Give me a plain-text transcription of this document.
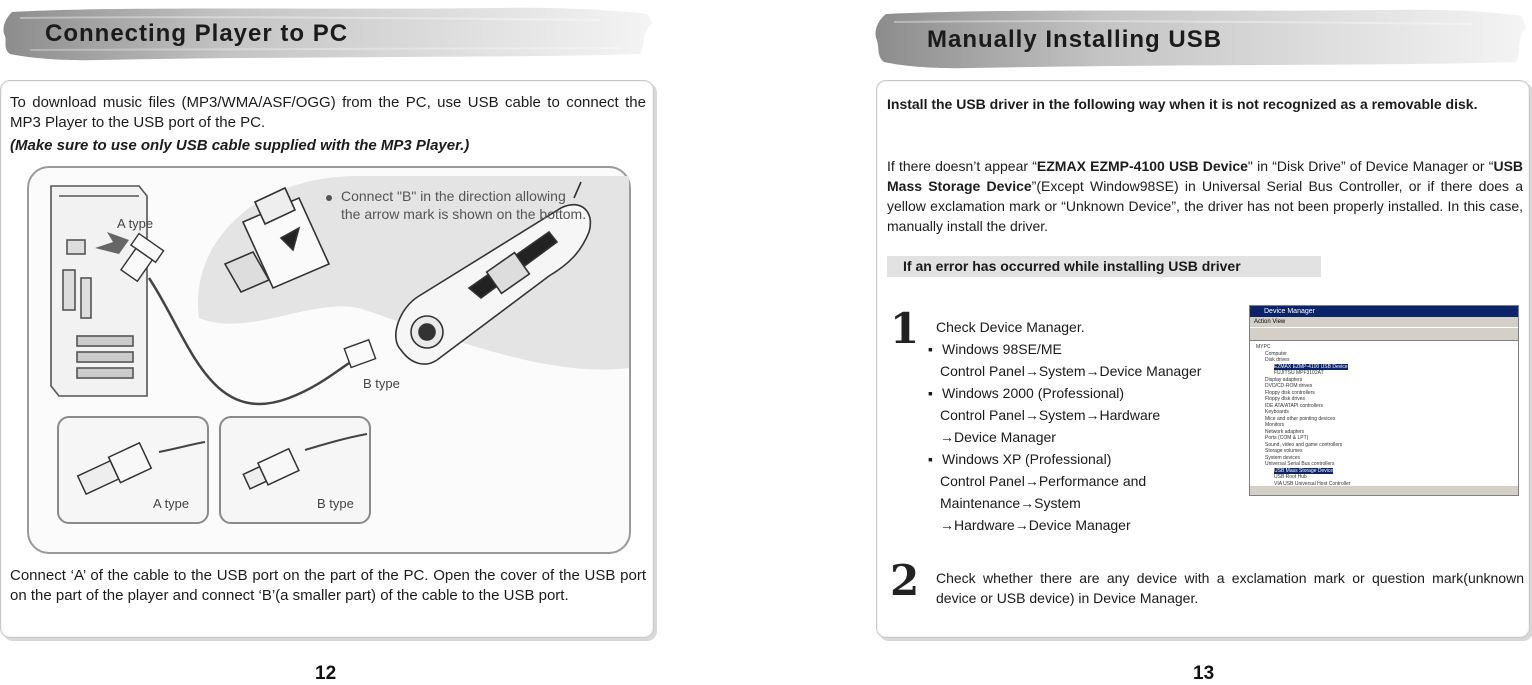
Connecting Player to PC
To download music files (MP3/WMA/ASF/OGG) from the PC, use USB cable to connect the MP3 Player to the USB port of the PC.
(Make sure to use only USB cable supplied with the MP3 Player.)
Connect "B" in the direction allowing
the arrow mark is shown on the bottom.
A type
B type
A type	B type
Connect ‘A’ of the cable to the USB port on the part of the PC. Open the cover of the USB port on the part of the player and connect ‘B’(a smaller part) of the cable to the USB port.
12
Manually Installing USB
Install the USB driver in the following way when it is not recognized as a removable disk.
If there doesn’t appear “EZMAX EZMP-4100 USB Device" in “Disk Drive” of Device Manager or “USB Mass Storage Device”(Except Window98SE) in Universal Serial Bus Controller, or if there does a yellow exclamation mark or “Unknown Device”, the driver has not been properly installed. In this case, manually install the driver.
If an error has occurred while installing USB driver
1	Check Device Manager.
▪ Windows 98SE/ME
Control Panel→System→Device Manager
▪ Windows 2000 (Professional)
Control Panel→System→Hardware
→Device Manager
▪ Windows XP (Professional)
Control Panel→Performance and
Maintenance→System
→Hardware→Device Manager
Device Manager
Action View
MYPC
Computer
Disk drives
EZMAX EZMP-4100 USB Device
FUJITSU MPF3102AT
Display adapters
DVD/CD-ROM drives
Floppy disk controllers
Floppy disk drives
IDE ATA/ATAPI controllers
Keyboards
Mice and other pointing devices
Monitors
Network adapters
Ports (COM & LPT)
Sound, video and game controllers
Storage volumes
System devices
Universal Serial Bus controllers
USB Mass Storage Device
USB Root Hub
VIA USB Universal Host Controller
2 Check whether there are any device with a exclamation mark or question mark(unknown device or USB device) in Device Manager.
13
